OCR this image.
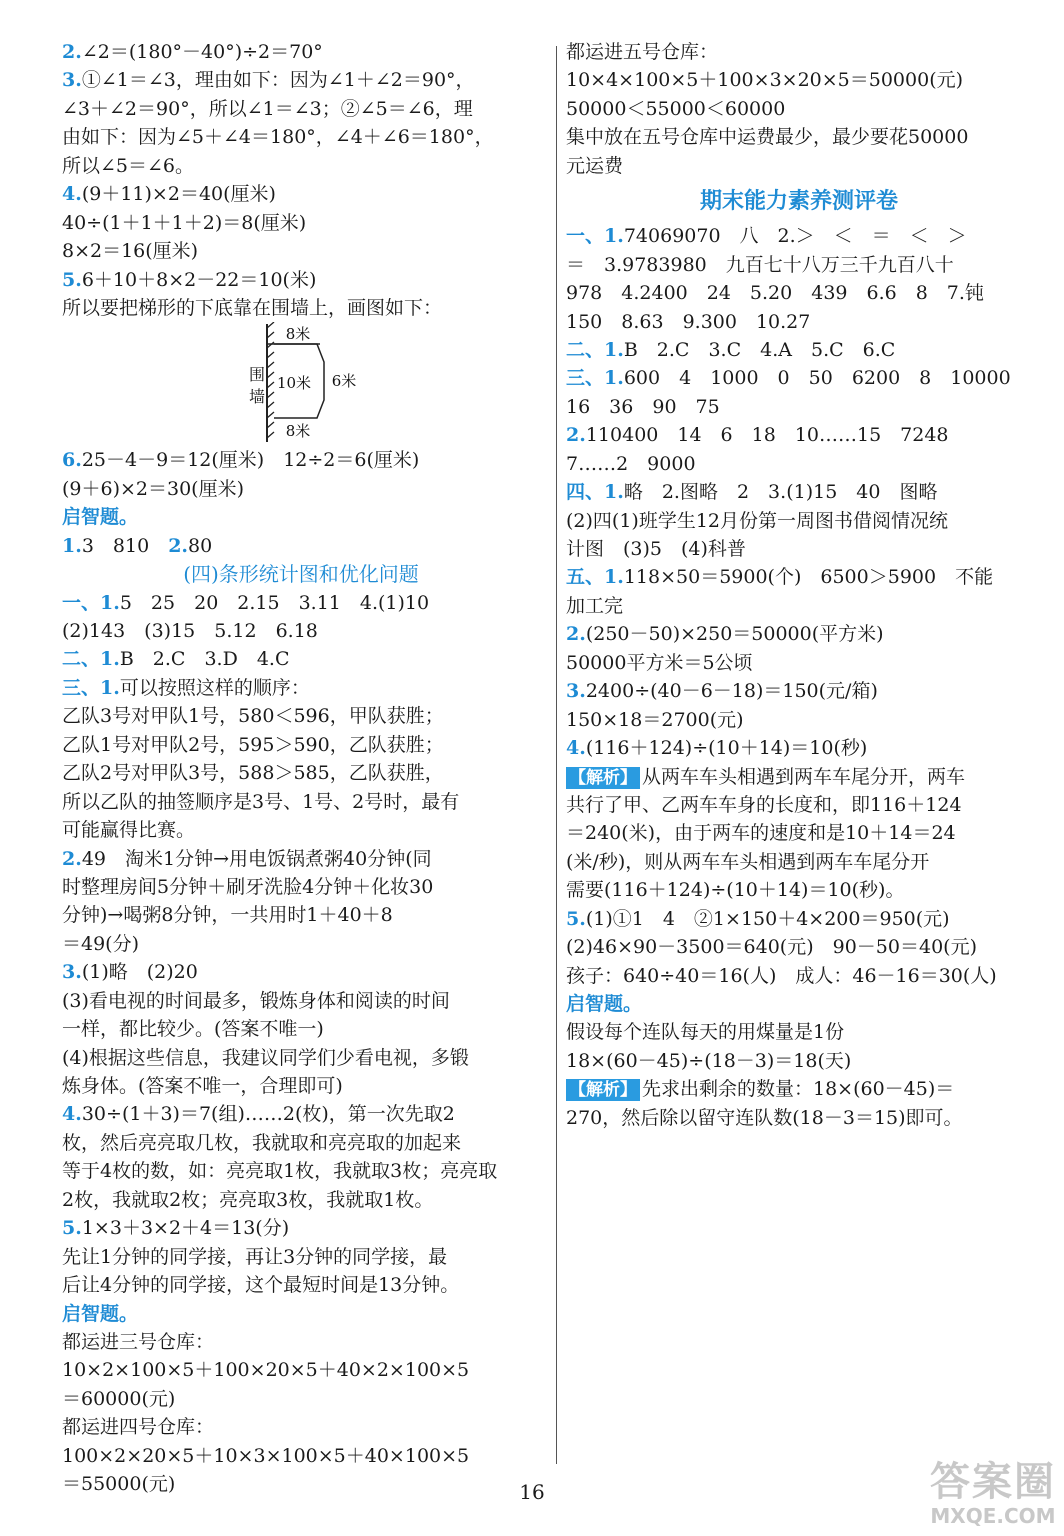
2.∠2＝(180°－40°)÷2＝70°
3.①∠1＝∠3，理由如下：因为∠1＋∠2＝90°，
∠3＋∠2＝90°，所以∠1＝∠3；②∠5＝∠6，理
由如下：因为∠5＋∠4＝180°，∠4＋∠6＝180°，
所以∠5＝∠6。
4.(9＋11)×2＝40(厘米)
40÷(1＋1＋1＋2)＝8(厘米)
8×2＝16(厘米)
5.6＋10＋8×2－22＝10(米)
所以要把梯形的下底靠在围墙上，画图如下：
围
墙
8米
10米 6米
8米
6.25－4－9＝12(厘米)　12÷2＝6(厘米)
(9＋6)×2＝30(厘米)
启智题。
1.3　810　2.80
(四)条形统计图和优化问题
一、1.5　25　20　2.15　3.11　4.(1)10
(2)143　(3)15　5.12　6.18
二、1.B　2.C　3.D　4.C
三、1.可以按照这样的顺序：
乙队3号对甲队1号，580＜596，甲队获胜；
乙队1号对甲队2号，595＞590，乙队获胜；
乙队2号对甲队3号，588＞585，乙队获胜，
所以乙队的抽签顺序是3号、1号、2号时，最有
可能赢得比赛。
2.49　淘米1分钟→用电饭锅煮粥40分钟(同
时整理房间5分钟＋刷牙洗脸4分钟＋化妆30
分钟)→喝粥8分钟，一共用时1＋40＋8
＝49(分)
3.(1)略　(2)20
(3)看电视的时间最多，锻炼身体和阅读的时间
一样，都比较少。(答案不唯一)
(4)根据这些信息，我建议同学们少看电视，多锻
炼身体。(答案不唯一，合理即可)
4.30÷(1＋3)＝7(组)……2(枚)，第一次先取2
枚，然后亮亮取几枚，我就取和亮亮取的加起来
等于4枚的数，如：亮亮取1枚，我就取3枚；亮亮取
2枚，我就取2枚；亮亮取3枚，我就取1枚。
5.1×3＋3×2＋4＝13(分)
先让1分钟的同学接，再让3分钟的同学接，最
后让4分钟的同学接，这个最短时间是13分钟。
启智题。
都运进三号仓库：
10×2×100×5＋100×20×5＋40×2×100×5
＝60000(元)
都运进四号仓库：
100×2×20×5＋10×3×100×5＋40×100×5
＝55000(元)
都运进五号仓库：
10×4×100×5＋100×3×20×5＝50000(元)
50000＜55000＜60000
集中放在五号仓库中运费最少，最少要花50000
元运费
期末能力素养测评卷
一、1.74069070　八　2.＞　＜　＝　＜　＞
＝　3.9783980　九百七十八万三千九百八十
978　4.2400　24　5.20　439　6.6　8　7.钝
150　8.63　9.300　10.27
二、1.B　2.C　3.C　4.A　5.C　6.C
三、1.600　4　1000　0　50　6200　8　10000
16　36　90　75
2.110400　14　6　18　10……15　7248
7……2　9000
四、1.略　2.图略　2　3.(1)15　40　图略
(2)四(1)班学生12月份第一周图书借阅情况统
计图　(3)5　(4)科普
五、1.118×50＝5900(个)　6500＞5900　不能
加工完
2.(250－50)×250＝50000(平方米)
50000平方米＝5公顷
3.2400÷(40－6－18)＝150(元/箱)
150×18＝2700(元)
4.(116＋124)÷(10＋14)＝10(秒)
【解析】 从两车车头相遇到两车车尾分开，两车
共行了甲、乙两车车身的长度和，即116＋124
＝240(米)，由于两车的速度和是10＋14＝24
(米/秒)，则从两车车头相遇到两车车尾分开
需要(116＋124)÷(10＋14)＝10(秒)。
5.(1)①1　4　②1×150＋4×200＝950(元)
(2)46×90－3500＝640(元)　90－50＝40(元)
孩子：640÷40＝16(人)　成人：46－16＝30(人)
启智题。
假设每个连队每天的用煤量是1份
18×(60－45)÷(18－3)＝18(天)
【解析】 先求出剩余的数量：18×(60－45)＝
270，然后除以留守连队数(18－3＝15)即可。
16	答案圈
MXQE.COM
